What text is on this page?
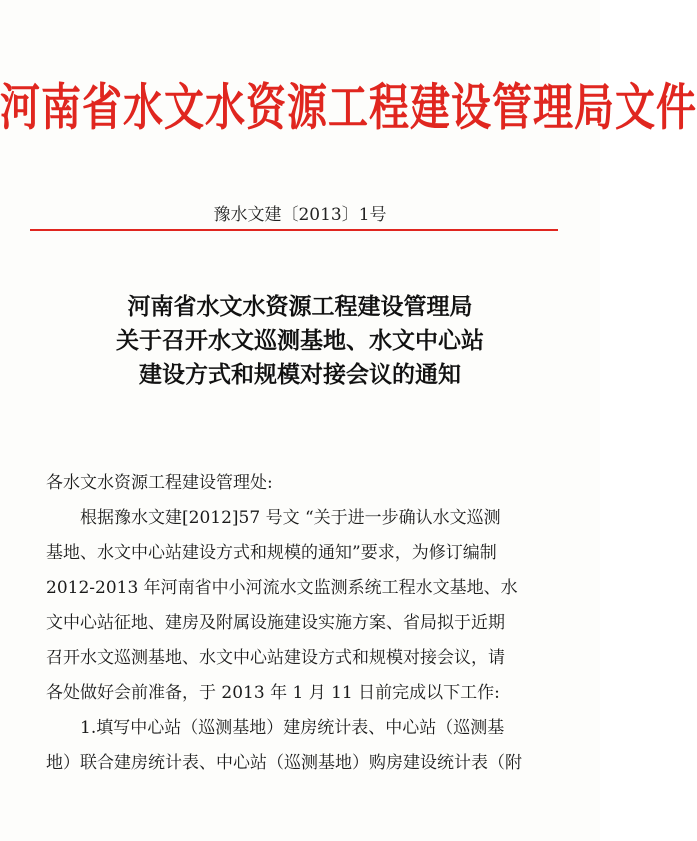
河南省水文水资源工程建设管理局文件
豫水文建〔2013〕1号
河南省水文水资源工程建设管理局
关于召开水文巡测基地、水文中心站
建设方式和规模对接会议的通知
各水文水资源工程建设管理处:
根据豫水文建[2012]57 号文 “关于进一步确认水文巡测
基地、水文中心站建设方式和规模的通知”要求，为修订编制
2012-2013 年河南省中小河流水文监测系统工程水文基地、水
文中心站征地、建房及附属设施建设实施方案、省局拟于近期
召开水文巡测基地、水文中心站建设方式和规模对接会议，请
各处做好会前准备，于 2013 年 1 月 11 日前完成以下工作:
1.填写中心站（巡测基地）建房统计表、中心站（巡测基
地）联合建房统计表、中心站（巡测基地）购房建设统计表（附
